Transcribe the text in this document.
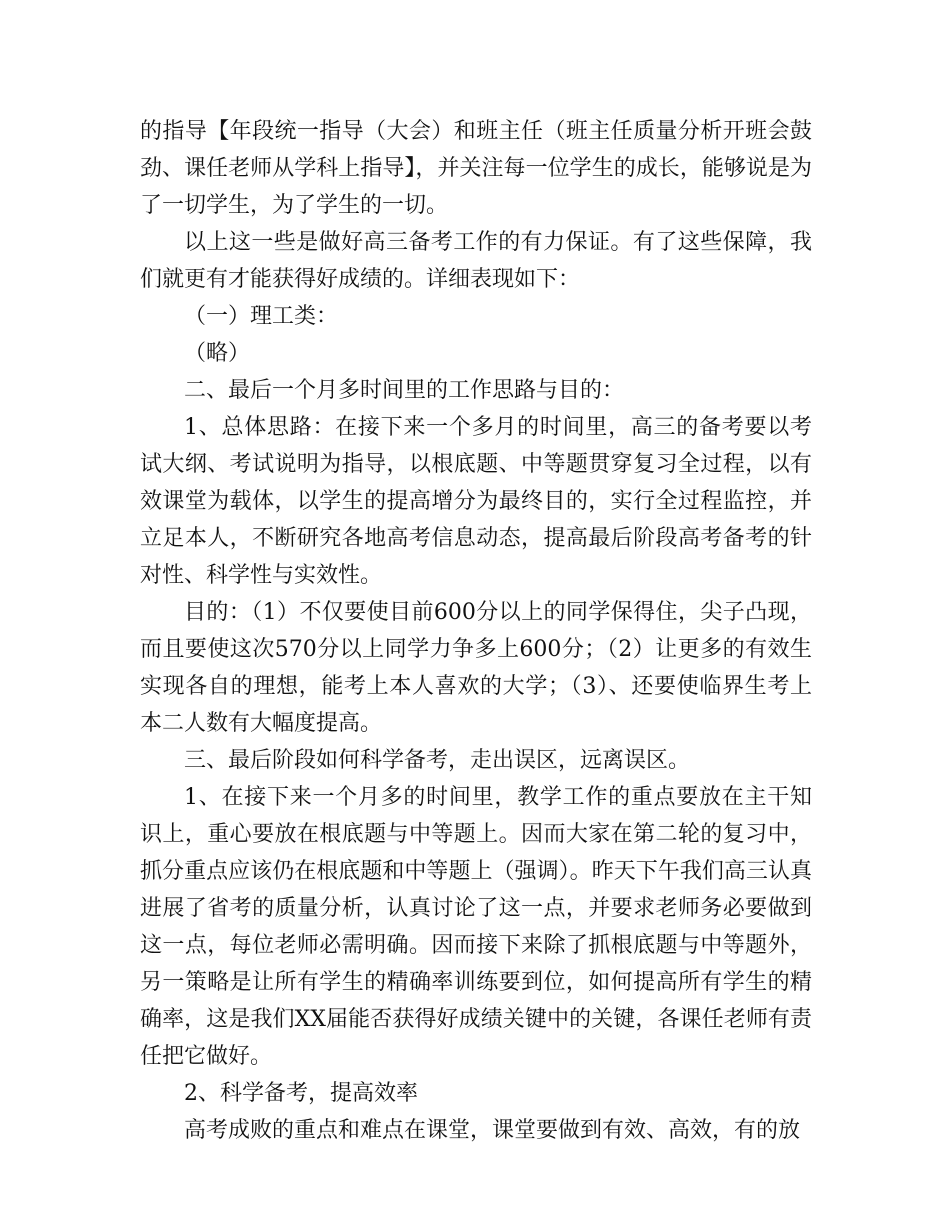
的指导【年段统一指导（大会）和班主任（班主任质量分析开班会鼓劲、课任老师从学科上指导】，并关注每一位学生的成长，能够说是为了一切学生，为了学生的一切。

以上这一些是做好高三备考工作的有力保证。有了这些保障，我们就更有才能获得好成绩的。详细表现如下：

（一）理工类：

（略）

二、最后一个月多时间里的工作思路与目的：

1、总体思路：在接下来一个多月的时间里，高三的备考要以考试大纲、考试说明为指导，以根底题、中等题贯穿复习全过程，以有效课堂为载体，以学生的提高增分为最终目的，实行全过程监控，并立足本人，不断研究各地高考信息动态，提高最后阶段高考备考的针对性、科学性与实效性。

目的：（1）不仅要使目前600分以上的同学保得住，尖子凸现，而且要使这次570分以上同学力争多上600分；（2）让更多的有效生实现各自的理想，能考上本人喜欢的大学；（3）、还要使临界生考上本二人数有大幅度提高。

三、最后阶段如何科学备考，走出误区，远离误区。

1、在接下来一个月多的时间里，教学工作的重点要放在主干知识上，重心要放在根底题与中等题上。因而大家在第二轮的复习中，抓分重点应该仍在根底题和中等题上（强调）。昨天下午我们高三认真进展了省考的质量分析，认真讨论了这一点，并要求老师务必要做到这一点，每位老师必需明确。因而接下来除了抓根底题与中等题外，另一策略是让所有学生的精确率训练要到位，如何提高所有学生的精确率，这是我们XX届能否获得好成绩关键中的关键，各课任老师有责任把它做好。

2、科学备考，提高效率

高考成败的重点和难点在课堂，课堂要做到有效、高效，有的放
